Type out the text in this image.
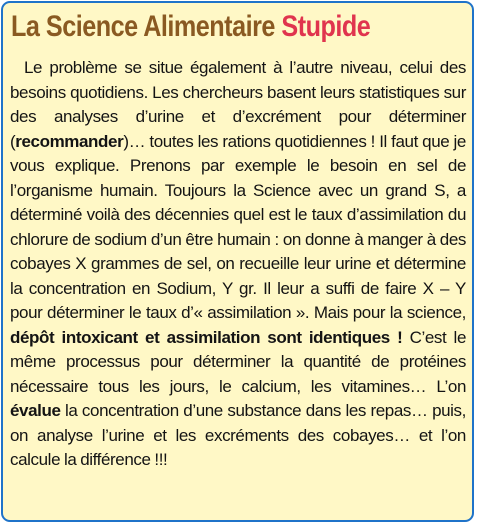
La Science Alimentaire Stupide

Le problème se situe également à l’autre niveau, celui des besoins quotidiens. Les chercheurs basent leurs statistiques sur des analyses d’urine et d’excrément pour déterminer (recommander)… toutes les rations quotidiennes ! Il faut que je vous explique. Prenons par exemple le besoin en sel de l’organisme humain. Toujours la Science avec un grand S, a déterminé voilà des décennies quel est le taux d’assimilation du chlorure de sodium d’un être humain : on donne à manger à des cobayes X grammes de sel, on recueille leur urine et détermine la concentration en Sodium, Y gr. Il leur a suffi de faire X – Y pour déterminer le taux d’« assimilation ». Mais pour la science, dépôt intoxicant et assimilation sont identiques ! C’est le même processus pour déterminer la quantité de protéines nécessaire tous les jours, le calcium, les vitamines… L’on évalue la concentration d’une substance dans les repas… puis, on analyse l’urine et les excréments des cobayes… et l’on calcule la différence !!!
